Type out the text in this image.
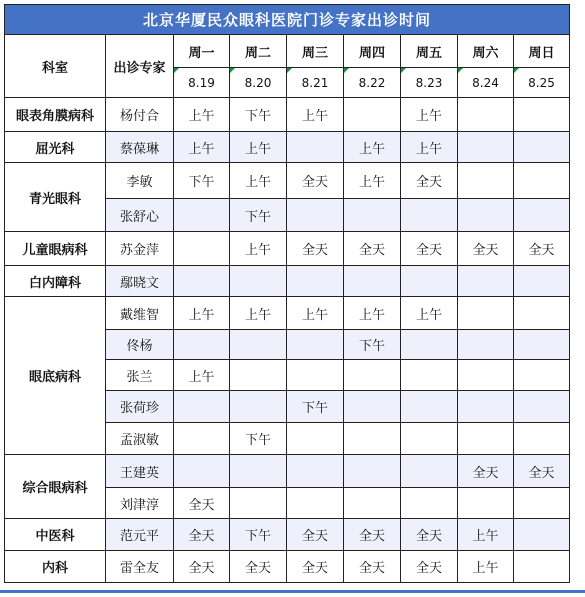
北京华厦民众眼科医院门诊专家出诊时间								
科室	出诊专家	周一	周二	周三	周四	周五	周六	周日
		8.19	8.20	8.21	8.22	8.23	8.24	8.25
眼表角膜病科	杨付合	上午	下午	上午		上午		
屈光科	蔡葆琳	上午	上午		上午	上午		
青光眼科	李敏	下午	上午	全天	上午	全天		
	张舒心		下午					
儿童眼病科	苏金萍		上午	全天	全天	全天	全天	全天
白内障科	鄢晓文							
眼底病科	戴维智	上午	上午	上午	上午	上午		
	佟杨				下午			
	张兰	上午						
	张荷珍			下午				
	孟淑敏		下午					
综合眼病科	王建英						全天	全天
	刘津淳	全天						
中医科	范元平	全天	下午	全天	全天	全天	上午	
内科	雷全友	全天	全天	全天	全天	全天	上午	
